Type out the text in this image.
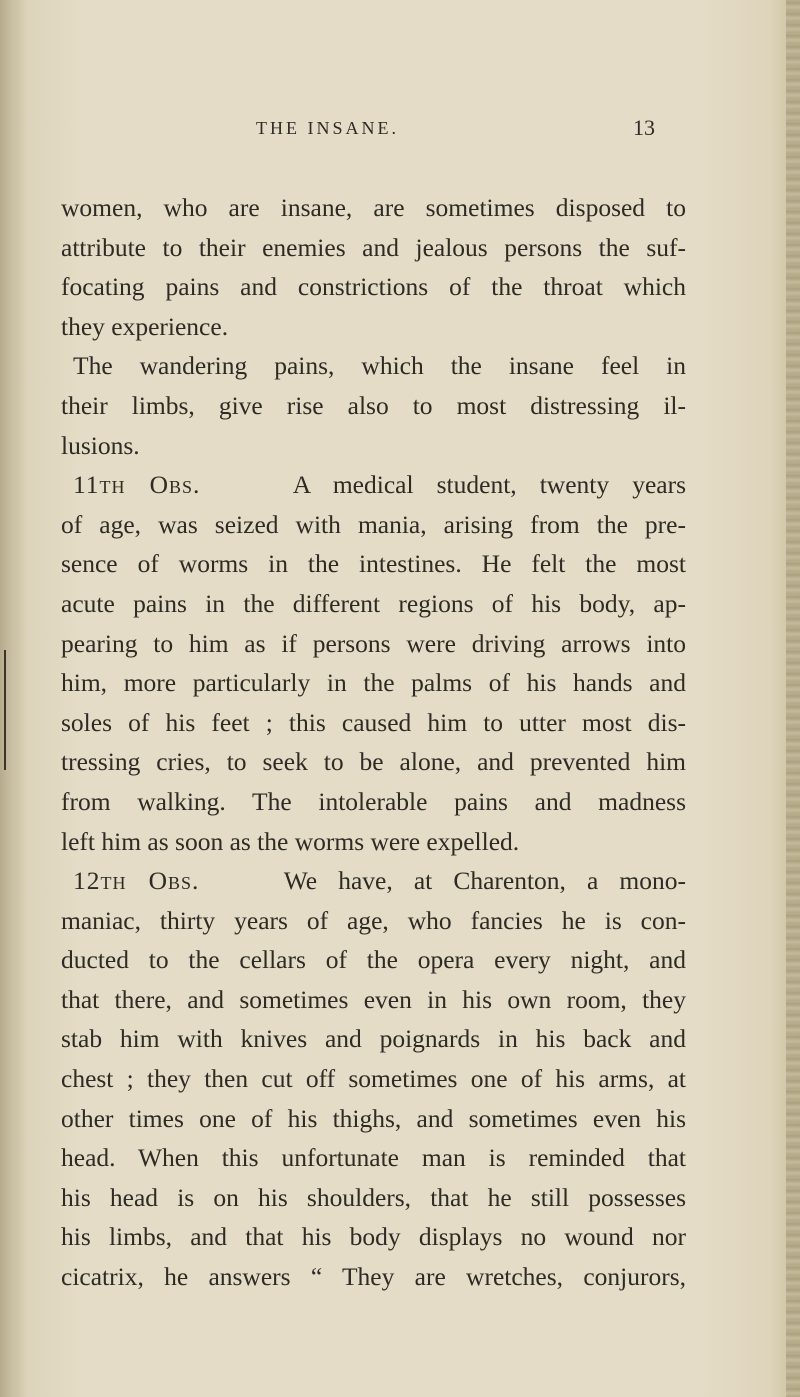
THE INSANE.	13
women, who are insane, are sometimes disposed to
attribute to their enemies and jealous persons the suf-
focating pains and constrictions of the throat which
they experience.
The wandering pains, which the insane feel in
their limbs, give rise also to most distressing il-
lusions.
11th Obs.	A medical student, twenty years
of age, was seized with mania, arising from the pre-
sence of worms in the intestines. He felt the most
acute pains in the different regions of his body, ap-
pearing to him as if persons were driving arrows into
him, more particularly in the palms of his hands and
soles of his feet ; this caused him to utter most dis-
tressing cries, to seek to be alone, and prevented him
from walking. The intolerable pains and madness
left him as soon as the worms were expelled.
12th Obs.	We have, at Charenton, a mono-
maniac, thirty years of age, who fancies he is con-
ducted to the cellars of the opera every night, and
that there, and sometimes even in his own room, they
stab him with knives and poignards in his back and
chest ; they then cut off sometimes one of his arms, at
other times one of his thighs, and sometimes even his
head. When this unfortunate man is reminded that
his head is on his shoulders, that he still possesses
his limbs, and that his body displays no wound nor
cicatrix, he answers “ They are wretches, conjurors,
